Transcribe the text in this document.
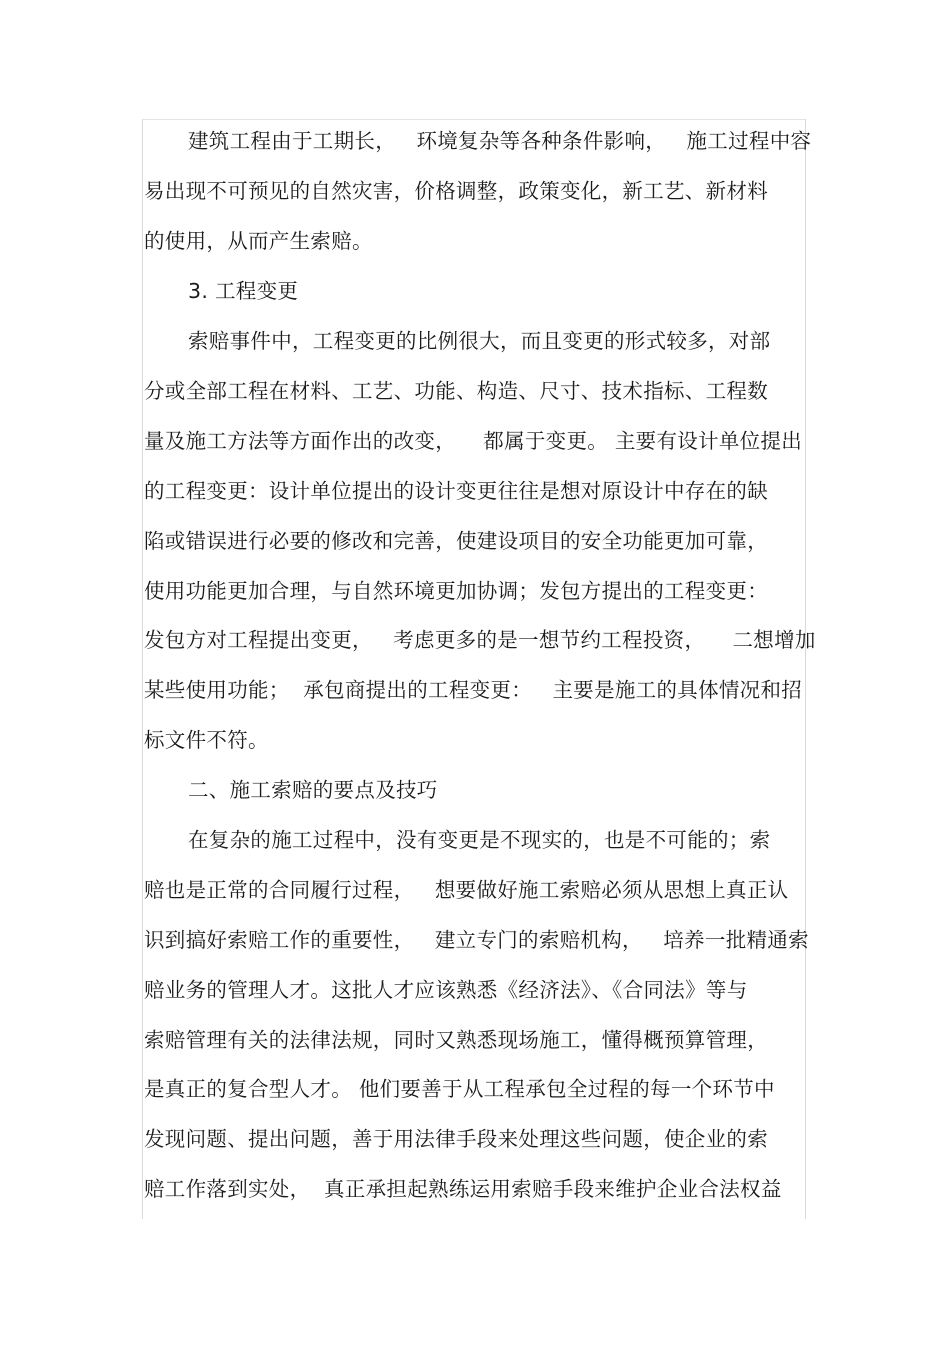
建筑工程由于工期长，   环境复杂等各种条件影响，   施工过程中容
易出现不可预见的自然灾害，价格调整，政策变化，新工艺、新材料
的使用，从而产生索赔。
3. 工程变更
索赔事件中，工程变更的比例很大，而且变更的形式较多，对部
分或全部工程在材料、工艺、功能、构造、尺寸、技术指标、工程数
量及施工方法等方面作出的改变，    都属于变更。 主要有设计单位提出
的工程变更：设计单位提出的设计变更往往是想对原设计中存在的缺
陷或错误进行必要的修改和完善，使建设项目的安全功能更加可靠，
使用功能更加合理，与自然环境更加协调；发包方提出的工程变更：
发包方对工程提出变更，   考虑更多的是一想节约工程投资，    二想增加
某些使用功能；  承包商提出的工程变更：   主要是施工的具体情况和招
标文件不符。
二、施工索赔的要点及技巧
在复杂的施工过程中，没有变更是不现实的，也是不可能的；索
赔也是正常的合同履行过程，   想要做好施工索赔必须从思想上真正认
识到搞好索赔工作的重要性，   建立专门的索赔机构，   培养一批精通索
赔业务的管理人才。这批人才应该熟悉《经济法》、《合同法》等与
索赔管理有关的法律法规，同时又熟悉现场施工，懂得概预算管理，
是真正的复合型人才。 他们要善于从工程承包全过程的每一个环节中
发现问题、提出问题，善于用法律手段来处理这些问题，使企业的索
赔工作落到实处，  真正承担起熟练运用索赔手段来维护企业合法权益
